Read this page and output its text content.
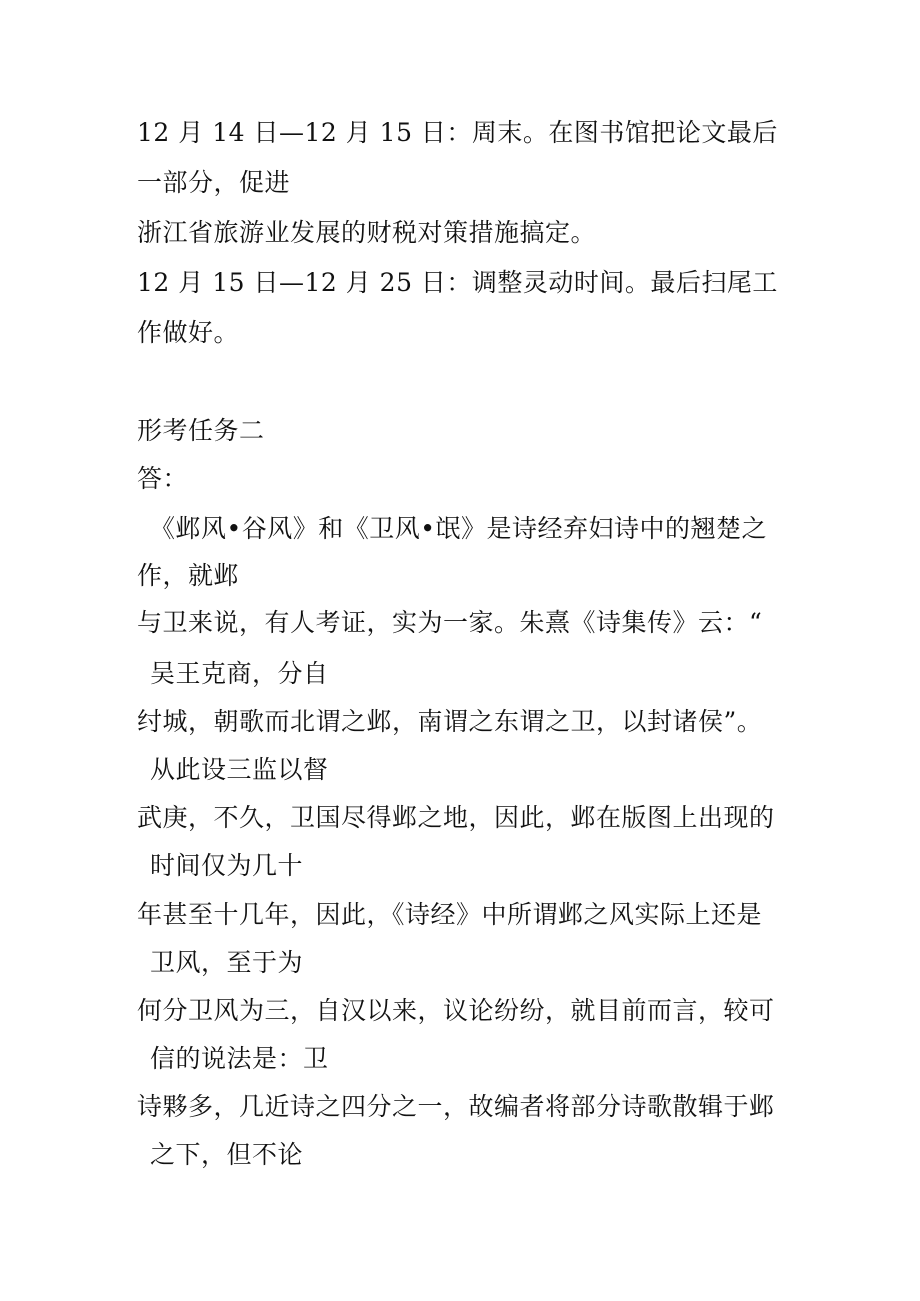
12 月 14 日—12 月 15 日：周末。在图书馆把论文最后
一部分，促进
浙江省旅游业发展的财税对策措施搞定。
12 月 15 日—12 月 25 日：调整灵动时间。最后扫尾工
作做好。
形考任务二
答：
《邺风•谷风》和《卫风•氓》是诗经弃妇诗中的翘楚之
作，就邺
与卫来说，有人考证，实为一家。朱熹《诗集传》云：“
吴王克商，分自
纣城，朝歌而北谓之邺，南谓之东谓之卫，以封诸侯”。
从此设三监以督
武庚，不久，卫国尽得邺之地，因此，邺在版图上出现的
时间仅为几十
年甚至十几年，因此，《诗经》中所谓邺之风实际上还是
卫风，至于为
何分卫风为三，自汉以来，议论纷纷，就目前而言，较可
信的说法是：卫
诗夥多，几近诗之四分之一，故编者将部分诗歌散辑于邺
之下，但不论
